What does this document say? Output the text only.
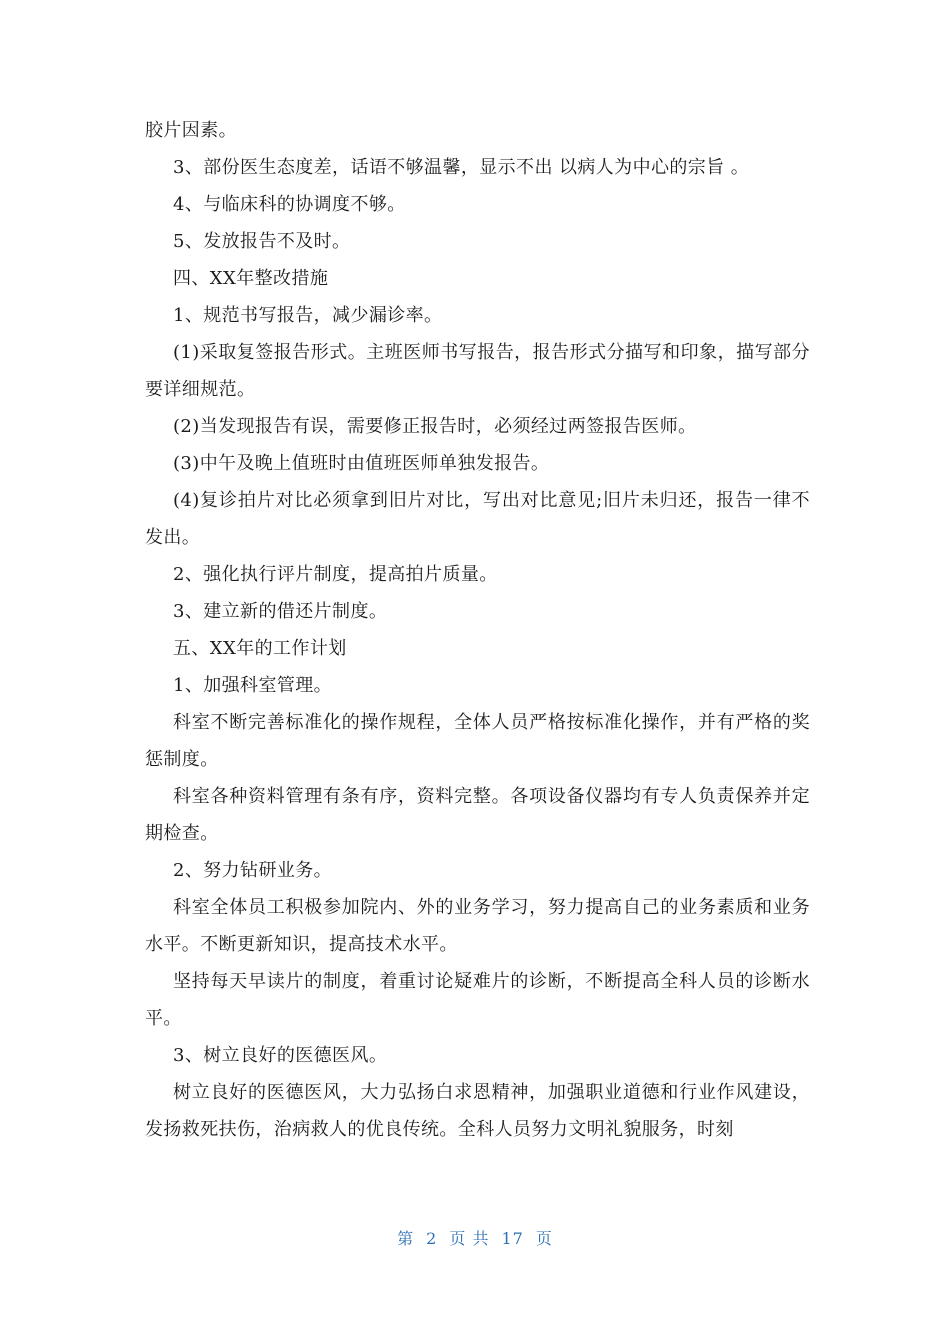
胶片因素。

3、部份医生态度差，话语不够温馨，显示不出 以病人为中心的宗旨 。

4、与临床科的协调度不够。

5、发放报告不及时。

四、XX年整改措施

1、规范书写报告，减少漏诊率。

(1)采取复签报告形式。主班医师书写报告，报告形式分描写和印象，描写部分要详细规范。

(2)当发现报告有误，需要修正报告时，必须经过两签报告医师。

(3)中午及晚上值班时由值班医师单独发报告。

(4)复诊拍片对比必须拿到旧片对比，写出对比意见;旧片未归还，报告一律不发出。

2、强化执行评片制度，提高拍片质量。

3、建立新的借还片制度。

五、XX年的工作计划

1、加强科室管理。

科室不断完善标准化的操作规程，全体人员严格按标准化操作，并有严格的奖惩制度。

科室各种资料管理有条有序，资料完整。各项设备仪器均有专人负责保养并定期检查。

2、努力钻研业务。

科室全体员工积极参加院内、外的业务学习，努力提高自己的业务素质和业务水平。不断更新知识，提高技术水平。

坚持每天早读片的制度，着重讨论疑难片的诊断，不断提高全科人员的诊断水平。

3、树立良好的医德医风。

树立良好的医德医风，大力弘扬白求恩精神，加强职业道德和行业作风建设，发扬救死扶伤，治病救人的优良传统。全科人员努力文明礼貌服务，时刻

第 2 页 共 17 页
